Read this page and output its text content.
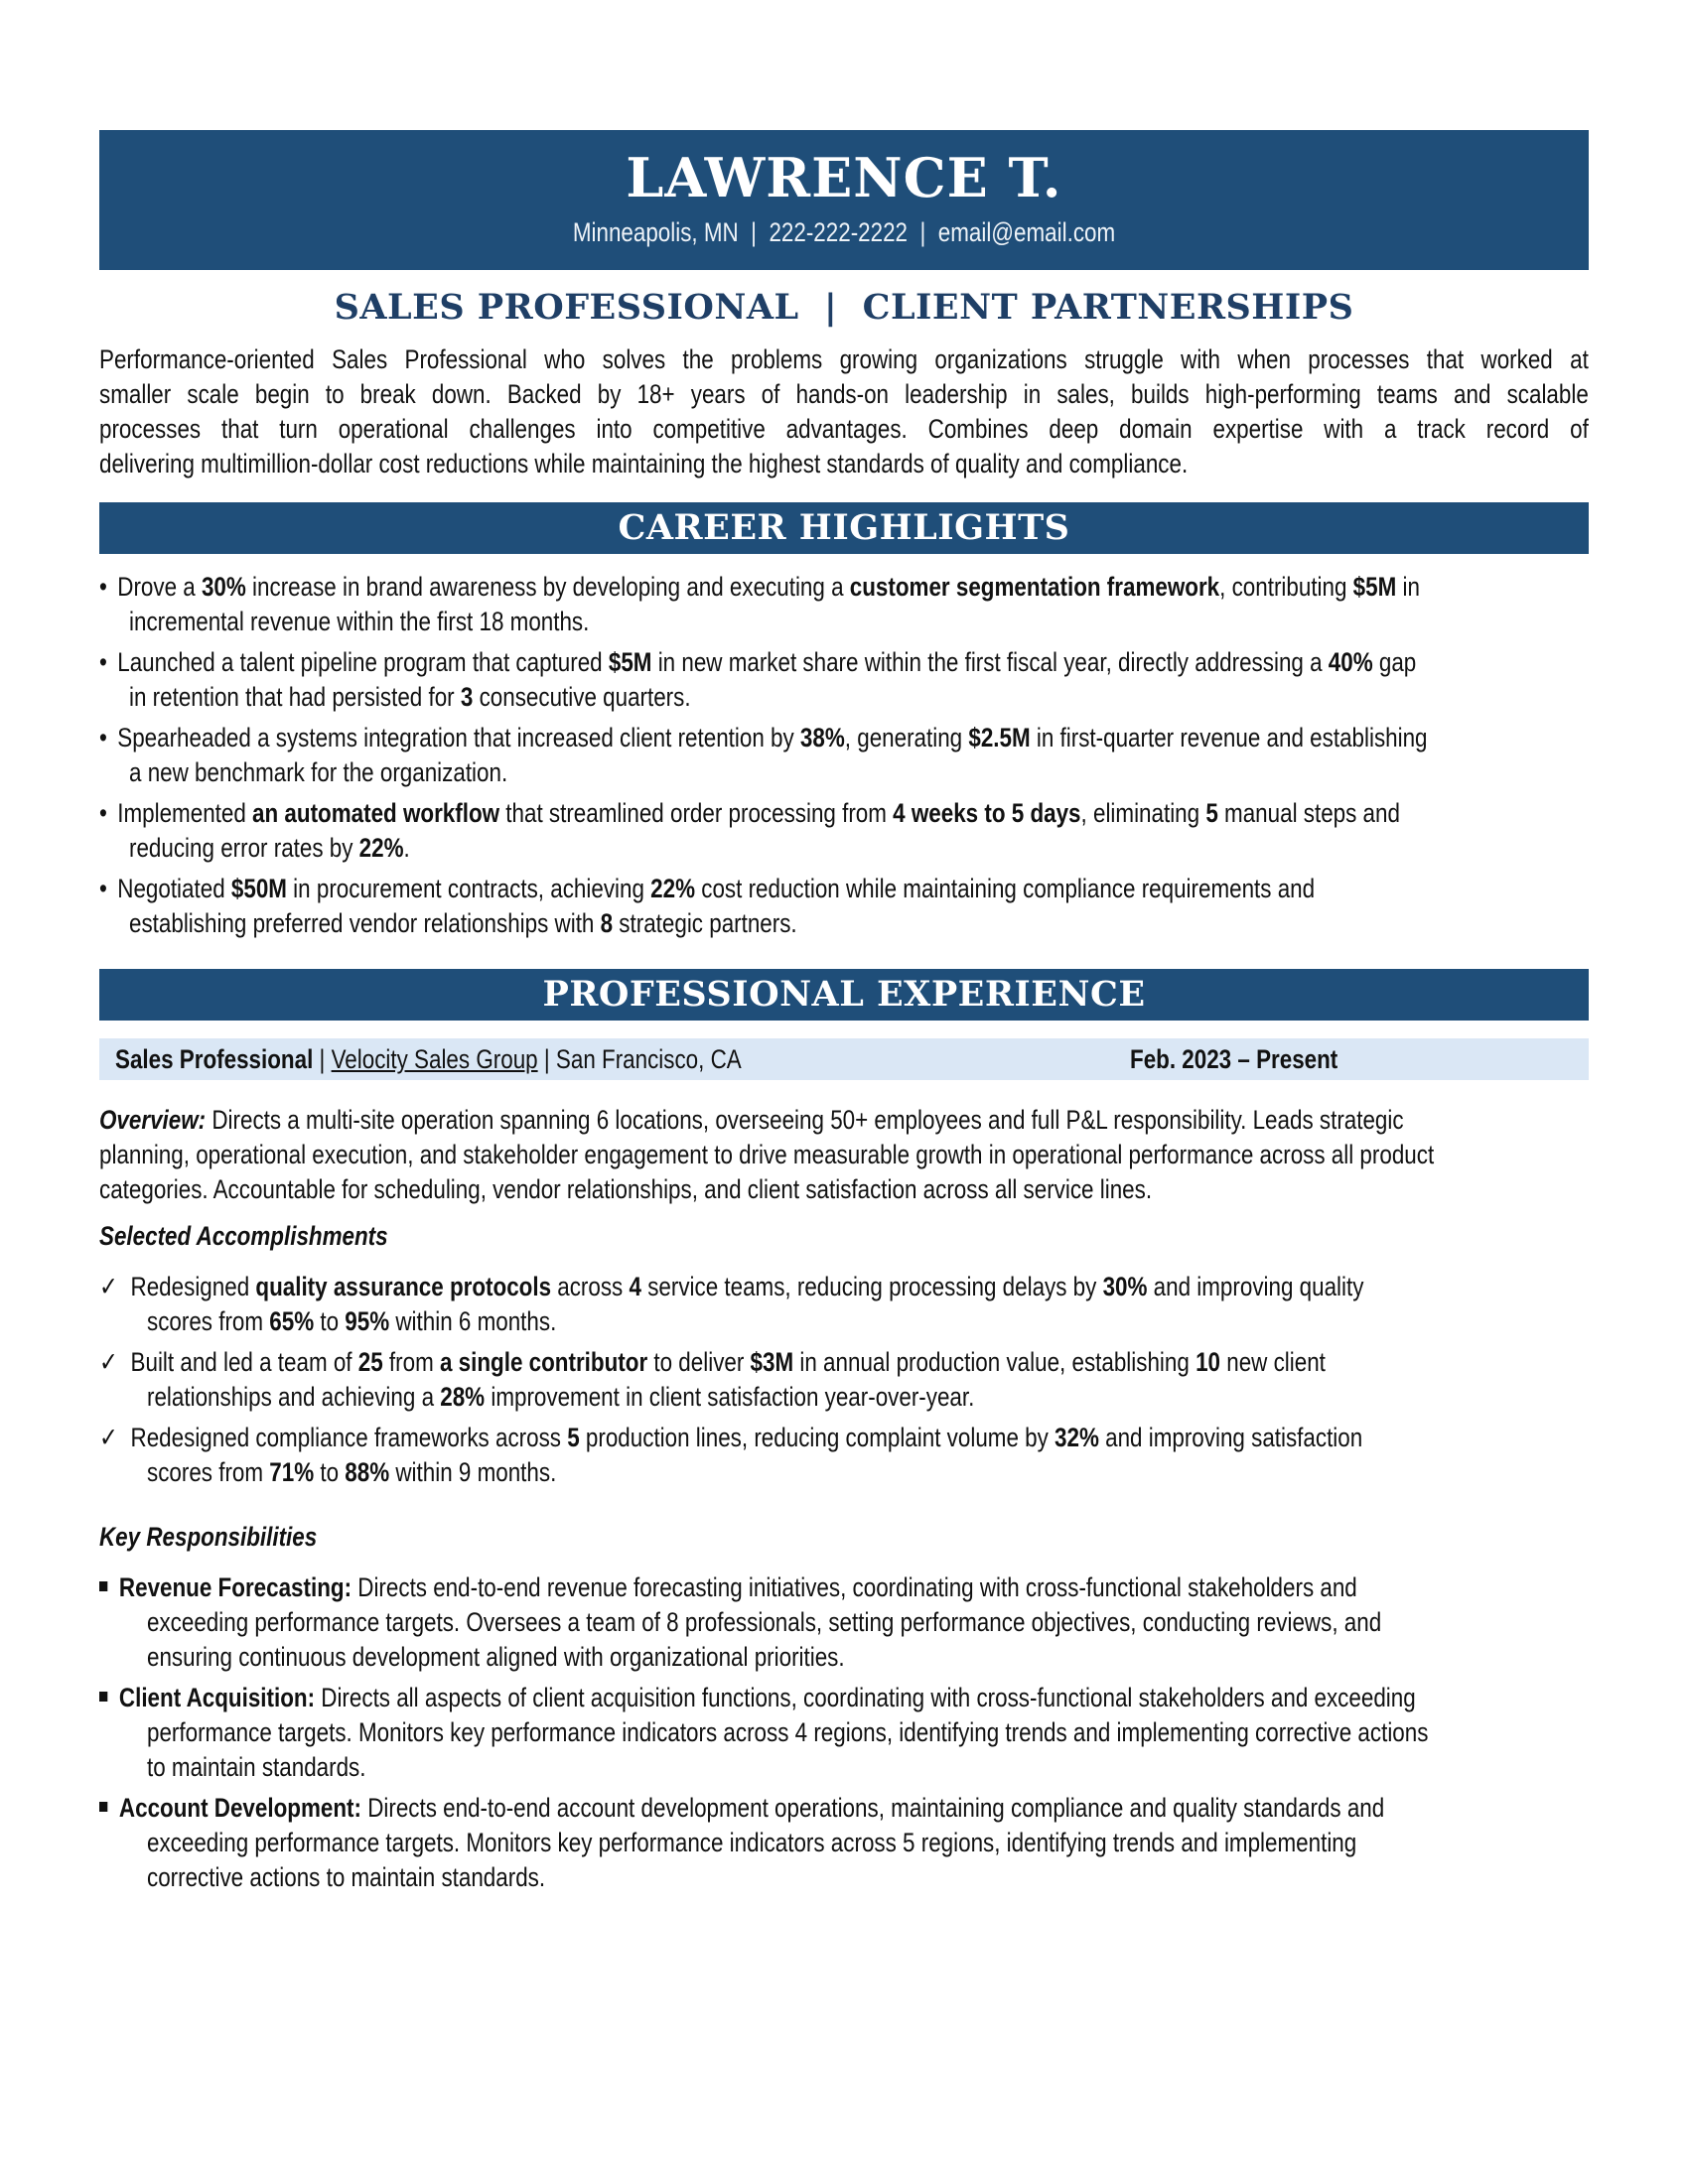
LAWRENCE T.
Minneapolis, MN  |  222-222-2222  |  email@email.com
SALES PROFESSIONAL  |  CLIENT PARTNERSHIPS
Performance-oriented Sales Professional who solves the problems growing organizations struggle with when processes that worked at
smaller scale begin to break down. Backed by 18+ years of hands-on leadership in sales, builds high-performing teams and scalable
processes that turn operational challenges into competitive advantages. Combines deep domain expertise with a track record of
delivering multimillion-dollar cost reductions while maintaining the highest standards of quality and compliance.
CAREER HIGHLIGHTS
• Drove a 30% increase in brand awareness by developing and executing a customer segmentation framework, contributing $5M in
incremental revenue within the first 18 months.
• Launched a talent pipeline program that captured $5M in new market share within the first fiscal year, directly addressing a 40% gap
in retention that had persisted for 3 consecutive quarters.
• Spearheaded a systems integration that increased client retention by 38%, generating $2.5M in first-quarter revenue and establishing
a new benchmark for the organization.
• Implemented an automated workflow that streamlined order processing from 4 weeks to 5 days, eliminating 5 manual steps and
reducing error rates by 22%.
• Negotiated $50M in procurement contracts, achieving 22% cost reduction while maintaining compliance requirements and
establishing preferred vendor relationships with 8 strategic partners.
PROFESSIONAL EXPERIENCE
Sales Professional | Velocity Sales Group | San Francisco, CA	Feb. 2023 – Present
Overview: Directs a multi-site operation spanning 6 locations, overseeing 50+ employees and full P&L responsibility. Leads strategic
planning, operational execution, and stakeholder engagement to drive measurable growth in operational performance across all product
categories. Accountable for scheduling, vendor relationships, and client satisfaction across all service lines.
Selected Accomplishments
✓ Redesigned quality assurance protocols across 4 service teams, reducing processing delays by 30% and improving quality
scores from 65% to 95% within 6 months.
✓ Built and led a team of 25 from a single contributor to deliver $3M in annual production value, establishing 10 new client
relationships and achieving a 28% improvement in client satisfaction year-over-year.
✓ Redesigned compliance frameworks across 5 production lines, reducing complaint volume by 32% and improving satisfaction
scores from 71% to 88% within 9 months.
Key Responsibilities
Revenue Forecasting: Directs end-to-end revenue forecasting initiatives, coordinating with cross-functional stakeholders and
exceeding performance targets. Oversees a team of 8 professionals, setting performance objectives, conducting reviews, and
ensuring continuous development aligned with organizational priorities.
Client Acquisition: Directs all aspects of client acquisition functions, coordinating with cross-functional stakeholders and exceeding
performance targets. Monitors key performance indicators across 4 regions, identifying trends and implementing corrective actions
to maintain standards.
Account Development: Directs end-to-end account development operations, maintaining compliance and quality standards and
exceeding performance targets. Monitors key performance indicators across 5 regions, identifying trends and implementing
corrective actions to maintain standards.
